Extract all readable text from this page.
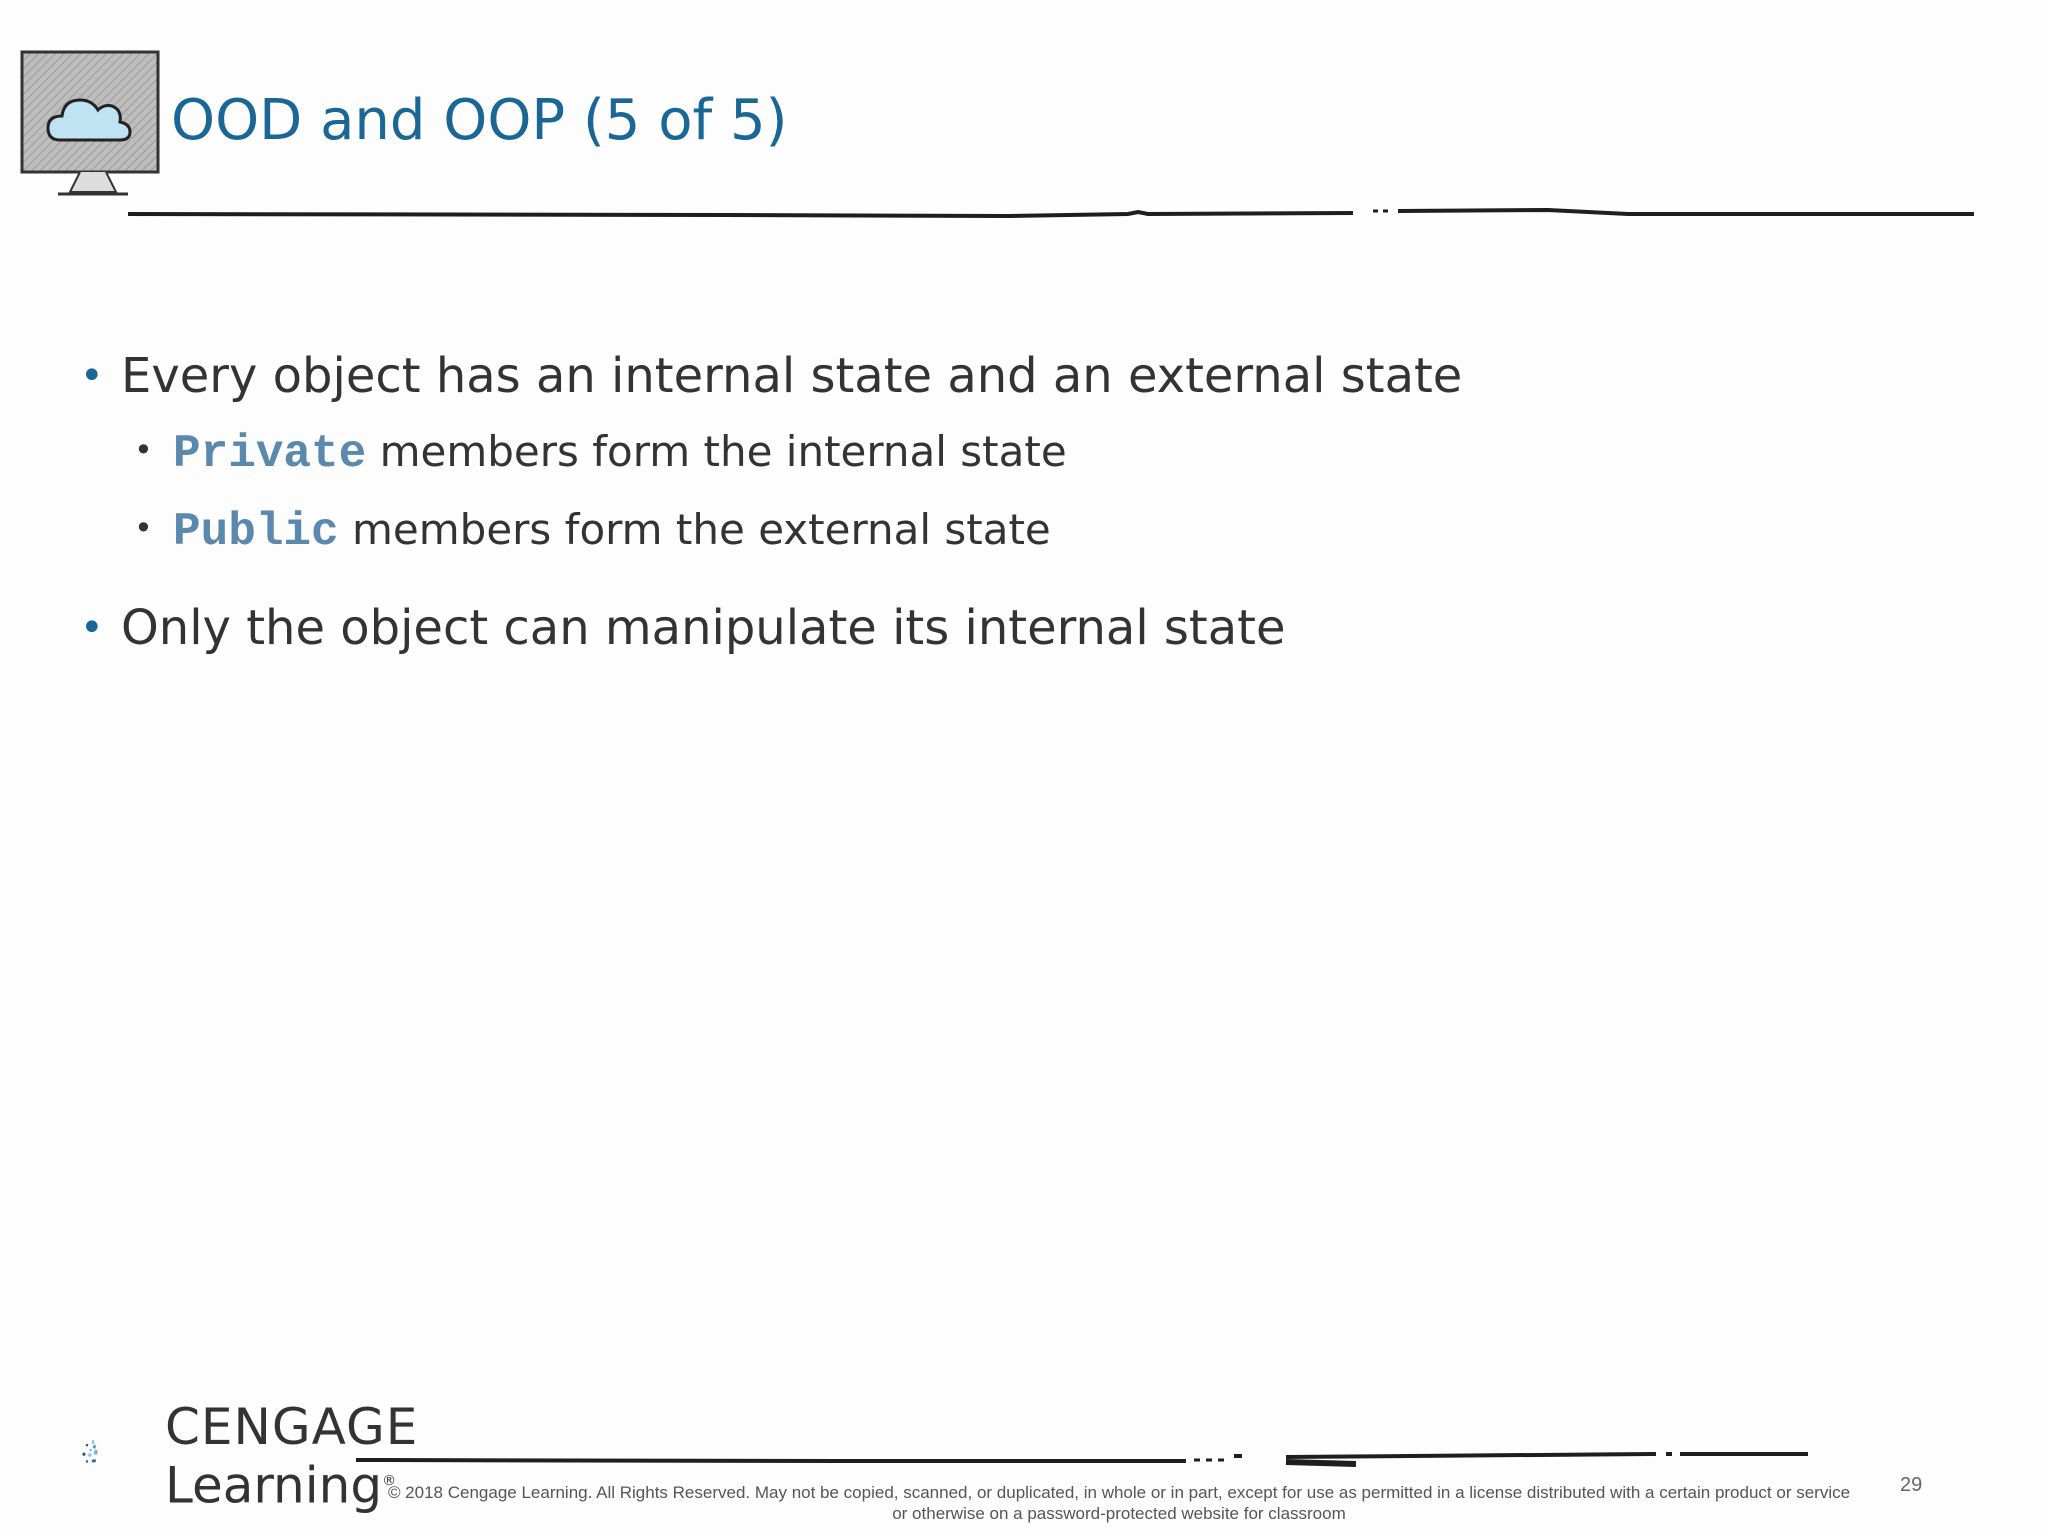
OOD and OOP (5 of 5)
• Every object has an internal state and an external state
• Private members form the internal state
• Public members form the external state
• Only the object can manipulate its internal state
CENGAGE
Learning®
© 2018 Cengage Learning. All Rights Reserved. May not be copied, scanned, or duplicated, in whole or in part, except for use as permitted in a license distributed with a certain product or service
or otherwise on a password-protected website for classroom
29
